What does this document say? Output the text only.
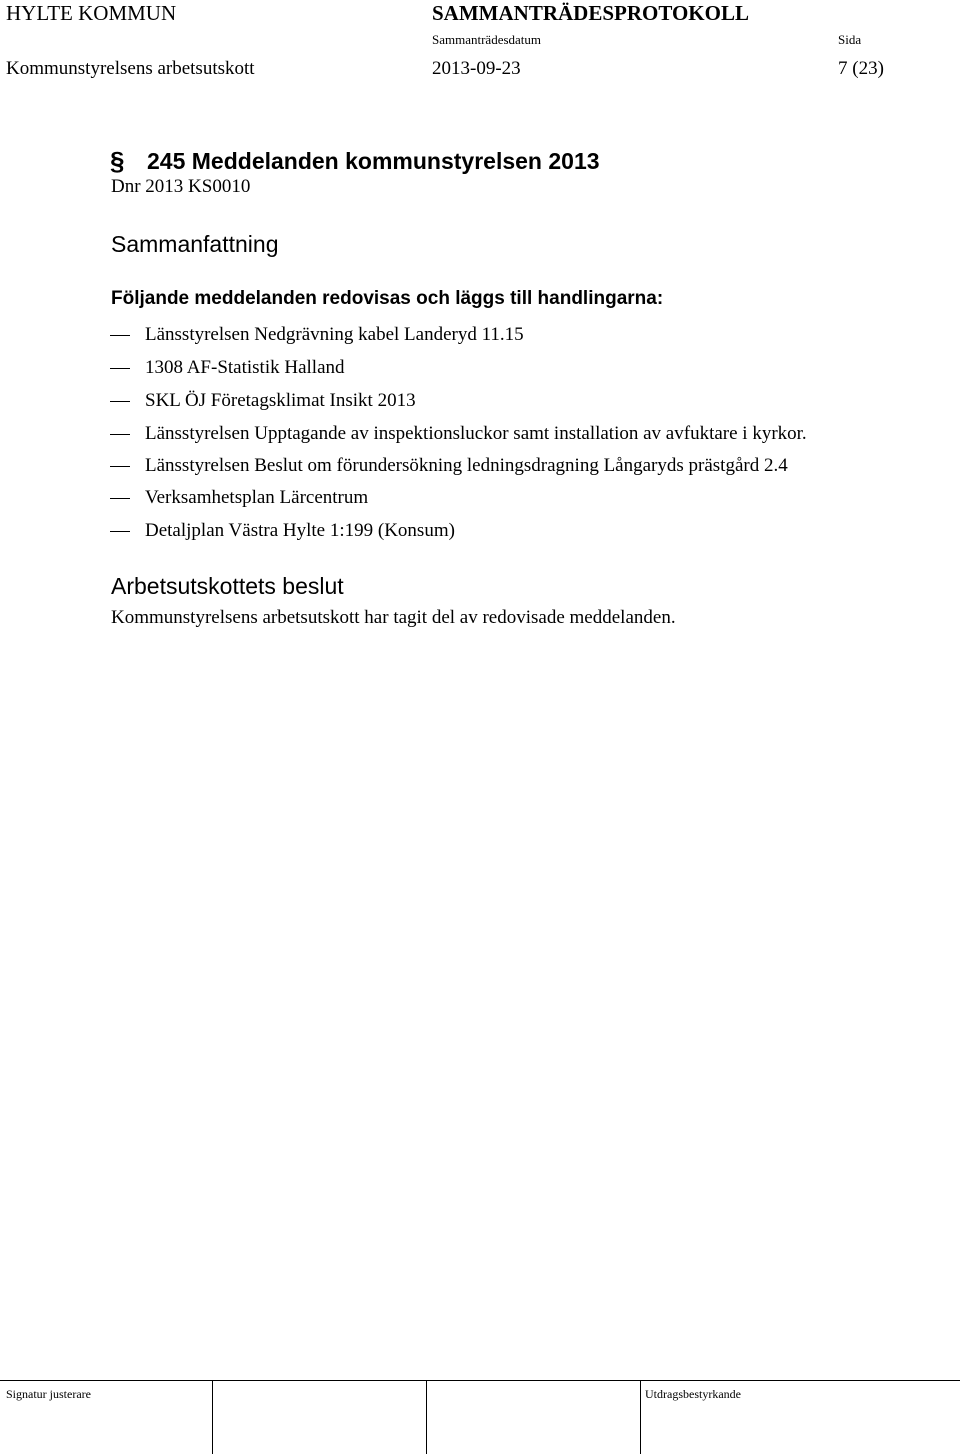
HYLTE KOMMUN	SAMMANTRÄDESPROTOKOLL
Sammanträdesdatum	Sida
Kommunstyrelsens arbetsutskott	2013-09-23	7 (23)
§ 245 Meddelanden kommunstyrelsen 2013
Dnr 2013 KS0010
Sammanfattning
Följande meddelanden redovisas och läggs till handlingarna:
Länsstyrelsen Nedgrävning kabel Landeryd 11.15
1308 AF-Statistik Halland
SKL ÖJ Företagsklimat Insikt 2013
Länsstyrelsen Upptagande av inspektionsluckor samt installation av avfuktare i kyrkor.
Länsstyrelsen Beslut om förundersökning ledningsdragning Långaryds prästgård 2.4
Verksamhetsplan Lärcentrum
Detaljplan Västra Hylte 1:199 (Konsum)
Arbetsutskottets beslut
Kommunstyrelsens arbetsutskott har tagit del av redovisade meddelanden.
Signatur justerare	Utdragsbestyrkande
